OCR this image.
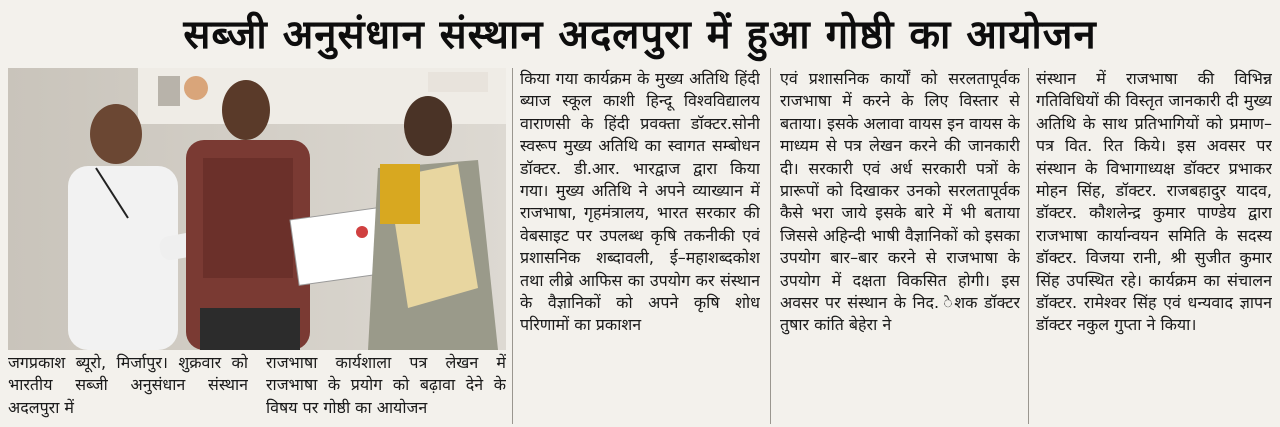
सब्जी अनुसंधान संस्थान अदलपुरा में हुआ गोष्ठी का आयोजन

जगप्रकाश ब्यूरो, मिर्जापुर। शुक्रवार को भारतीय सब्जी अनुसंधान संस्थान अदलपुरा में

राजभाषा कार्यशाला पत्र लेखन में राजभाषा के प्रयोग को बढ़ावा देने के विषय पर गोष्ठी का आयोजन

किया गया कार्यक्रम के मुख्य अतिथि हिंदी ब्याज स्कूल काशी हिन्दू विश्वविद्यालय वाराणसी के हिंदी प्रवक्ता डॉक्टर.सोनी स्वरूप मुख्य अतिथि का स्वागत सम्बोधन डॉक्टर. डी.आर. भारद्वाज द्वारा किया गया। मुख्य अतिथि ने अपने व्याख्यान में राजभाषा, गृहमंत्रालय, भारत सरकार की वेबसाइट पर उपलब्ध कृषि तकनीकी एवं प्रशासनिक शब्दावली, ई–महाशब्दकोश तथा लीब्रे आफिस का उपयोग कर संस्थान के वैज्ञानिकों को अपने कृषि शोध परिणामों का प्रकाशन

एवं प्रशासनिक कार्यों को सरलतापूर्वक राजभाषा में करने के लिए विस्तार से बताया। इसके अलावा वायस इन वायस के माध्यम से पत्र लेखन करने की जानकारी दी। सरकारी एवं अर्ध सरकारी पत्रों के प्रारूपों को दिखाकर उनको सरलतापूर्वक कैसे भरा जाये इसके बारे में भी बताया जिससे अहिन्दी भाषी वैज्ञानिकों को इसका उपयोग बार–बार करने से राजभाषा के उपयोग में दक्षता विकसित होगी। इस अवसर पर संस्थान के निद. ेशक डॉक्टर तुषार कांति बेहेरा ने

संस्थान में राजभाषा की विभिन्न गतिविधियों की विस्तृत जानकारी दी मुख्य अतिथि के साथ प्रतिभागियों को प्रमाण–पत्र वित. रित किये। इस अवसर पर संस्थान के विभागाध्यक्ष डॉक्टर प्रभाकर मोहन सिंह, डॉक्टर. राजबहादुर यादव, डॉक्टर. कौशलेन्द्र कुमार पाण्डेय द्वारा राजभाषा कार्यान्वयन समिति के सदस्य डॉक्टर. विजया रानी, श्री सुजीत कुमार सिंह उपस्थित रहे। कार्यक्रम का संचालन डॉक्टर. रामेश्वर सिंह एवं धन्यवाद ज्ञापन डॉक्टर नकुल गुप्ता ने किया।
